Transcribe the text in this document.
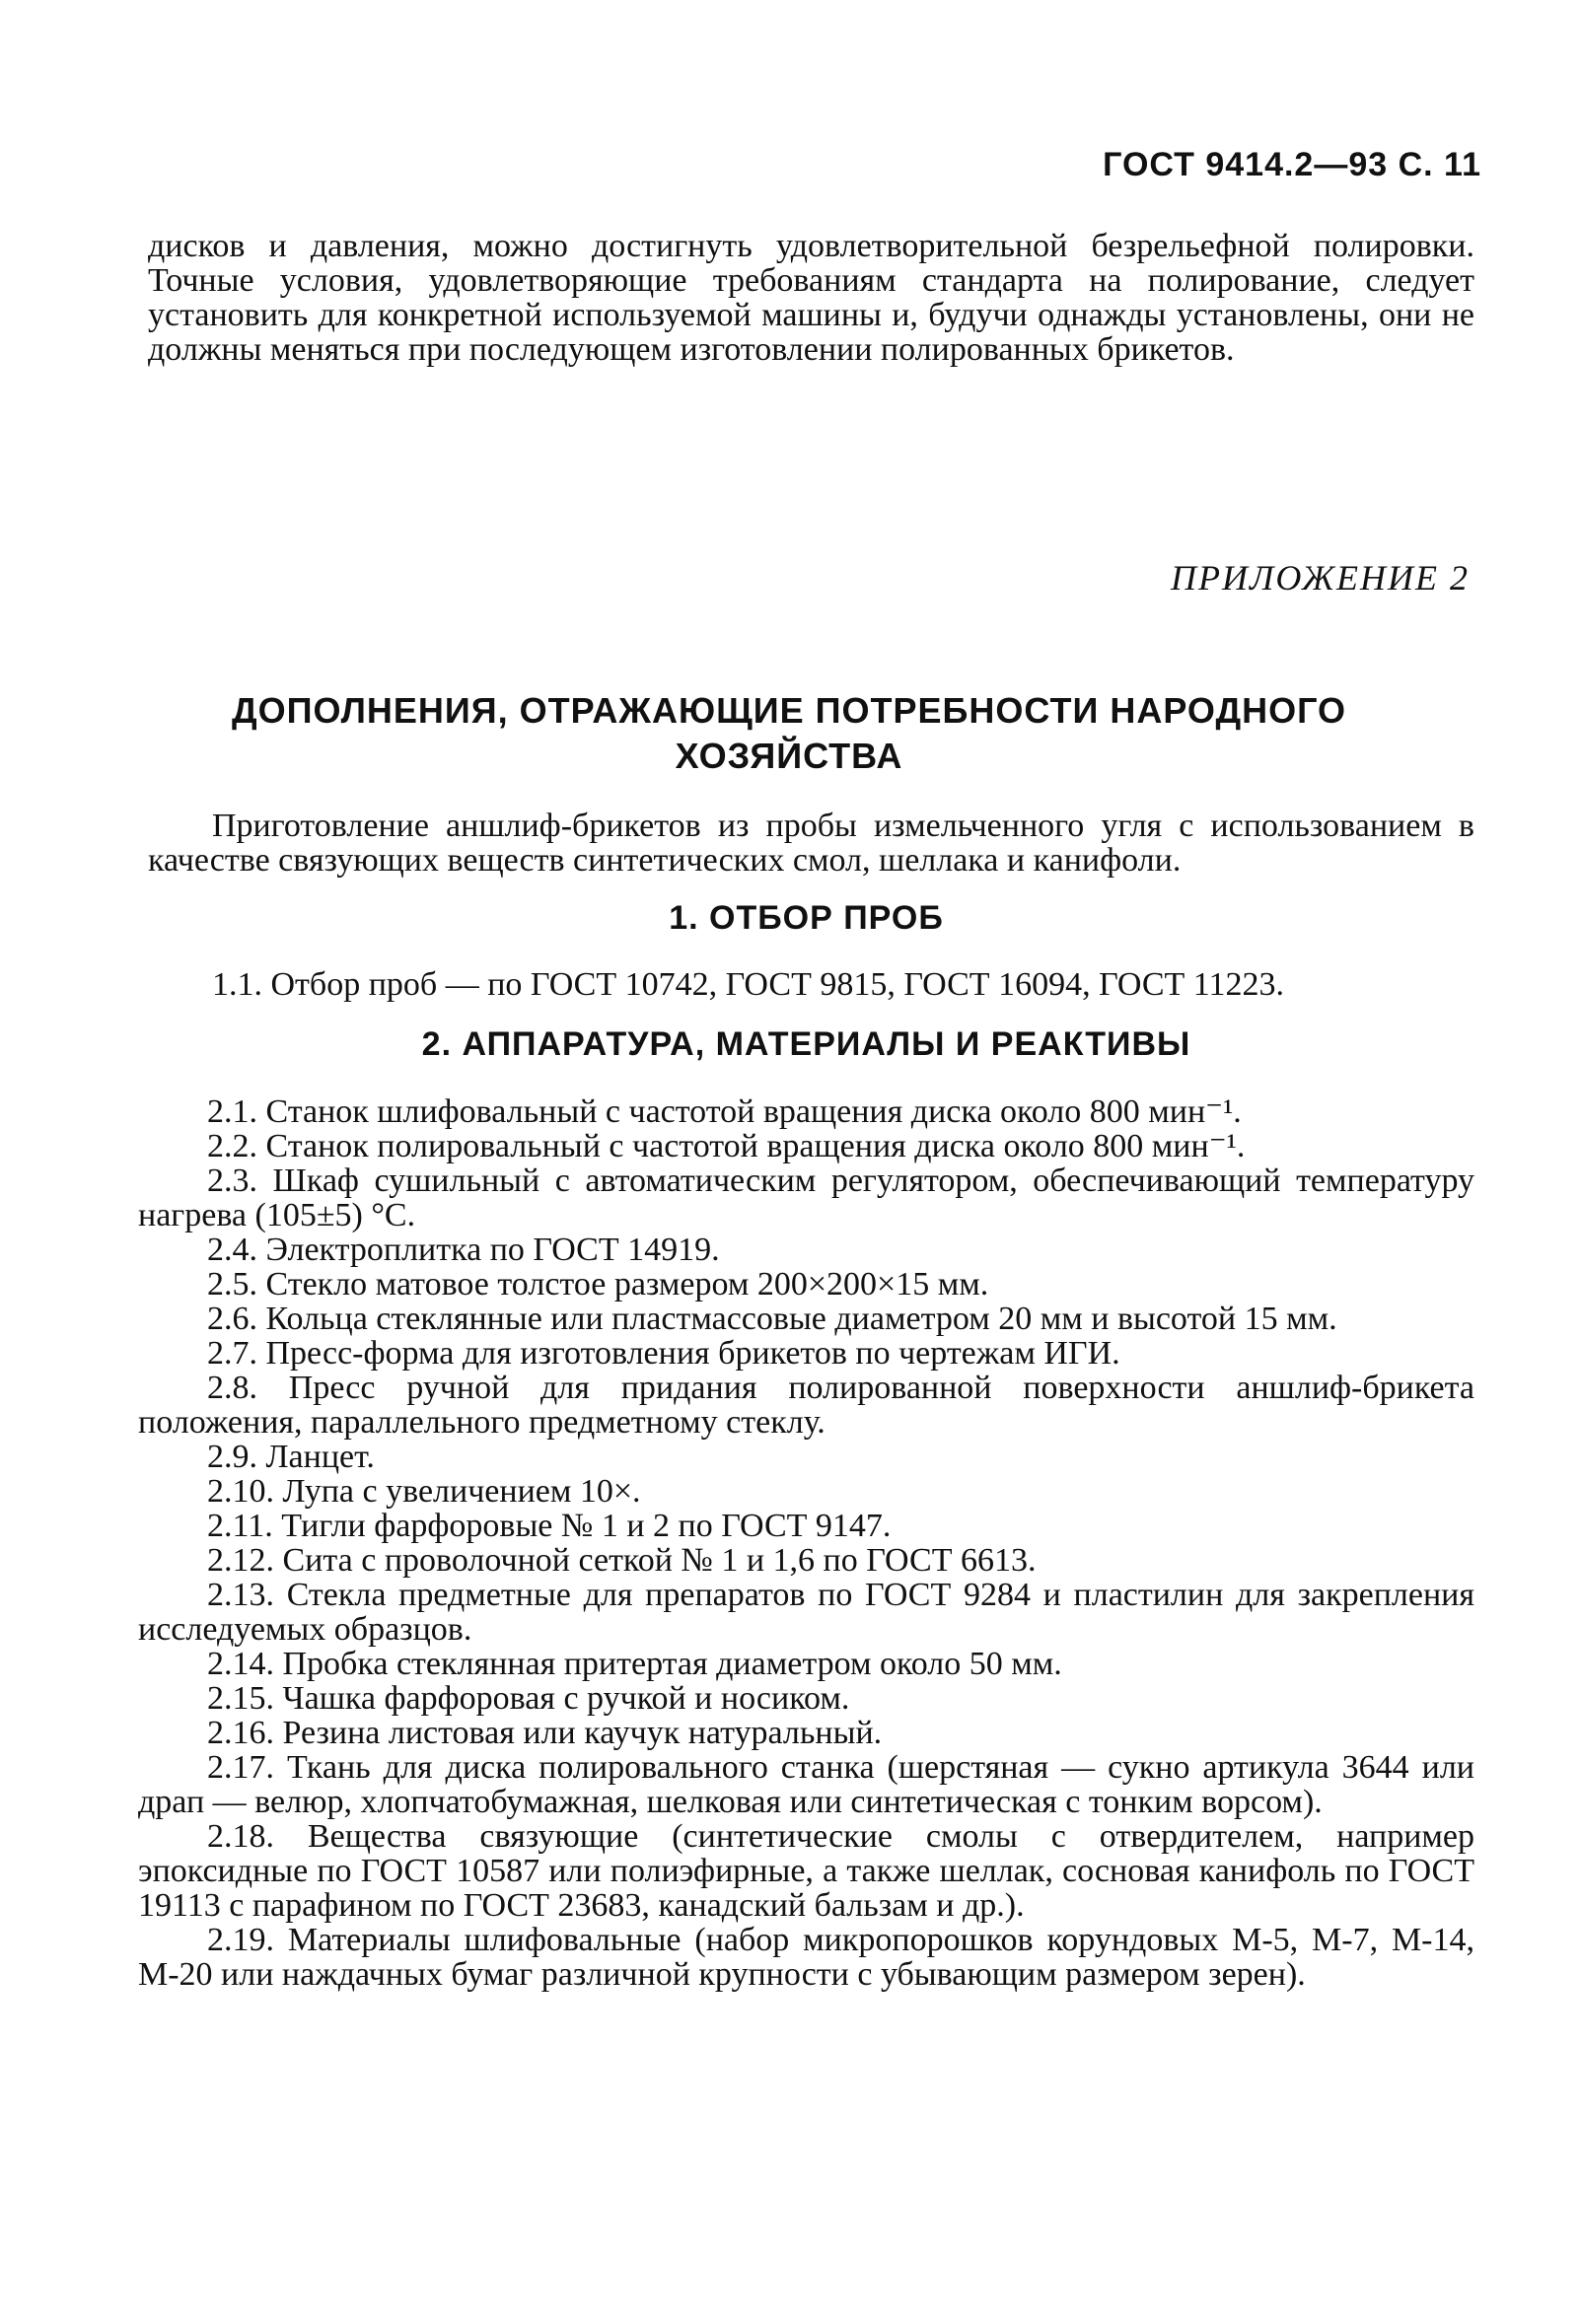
ГОСТ 9414.2—93 С. 11

дисков и давления, можно достигнуть удовлетворительной безрельефной полировки. Точные условия, удовлетворяющие требованиям стандарта на полирование, следует установить для конкретной используемой машины и, будучи однажды установлены, они не должны меняться при последующем изготовлении полированных брикетов.

ПРИЛОЖЕНИЕ 2
ДОПОЛНЕНИЯ, ОТРАЖАЮЩИЕ ПОТРЕБНОСТИ НАРОДНОГО
ХОЗЯЙСТВА

Приготовление аншлиф-брикетов из пробы измельченного угля с использованием в качестве связующих веществ синтетических смол, шеллака и канифоли.

1. ОТБОР ПРОБ
1.1. Отбор проб — по ГОСТ 10742, ГОСТ 9815, ГОСТ 16094, ГОСТ 11223.
2. АППАРАТУРА, МАТЕРИАЛЫ И РЕАКТИВЫ

2.1. Станок шлифовальный с частотой вращения диска около 800 мин⁻¹.

2.2. Станок полировальный с частотой вращения диска около 800 мин⁻¹.

2.3. Шкаф сушильный с автоматическим регулятором, обеспечивающий температуру нагрева (105±5) °С.

2.4. Электроплитка по ГОСТ 14919.

2.5. Стекло матовое толстое размером 200×200×15 мм.

2.6. Кольца стеклянные или пластмассовые диаметром 20 мм и высотой 15 мм.

2.7. Пресс-форма для изготовления брикетов по чертежам ИГИ.

2.8. Пресс ручной для придания полированной поверхности аншлиф-брикета положения, параллельного предметному стеклу.

2.9. Ланцет.

2.10. Лупа с увеличением 10×.

2.11. Тигли фарфоровые № 1 и 2 по ГОСТ 9147.

2.12. Сита с проволочной сеткой № 1 и 1,6 по ГОСТ 6613.

2.13. Стекла предметные для препаратов по ГОСТ 9284 и пластилин для закрепления исследуемых образцов.

2.14. Пробка стеклянная притертая диаметром около 50 мм.

2.15. Чашка фарфоровая с ручкой и носиком.

2.16. Резина листовая или каучук натуральный.

2.17. Ткань для диска полировального станка (шерстяная — сукно артикула 3644 или драп — велюр, хлопчатобумажная, шелковая или синтетическая с тонким ворсом).

2.18. Вещества связующие (синтетические смолы с отвердителем, например эпоксидные по ГОСТ 10587 или полиэфирные, а также шеллак, сосновая канифоль по ГОСТ 19113 с парафином по ГОСТ 23683, канадский бальзам и др.).

2.19. Материалы шлифовальные (набор микропорошков корундовых М-5, М-7, М-14, М-20 или наждачных бумаг различной крупности с убывающим размером зерен).
